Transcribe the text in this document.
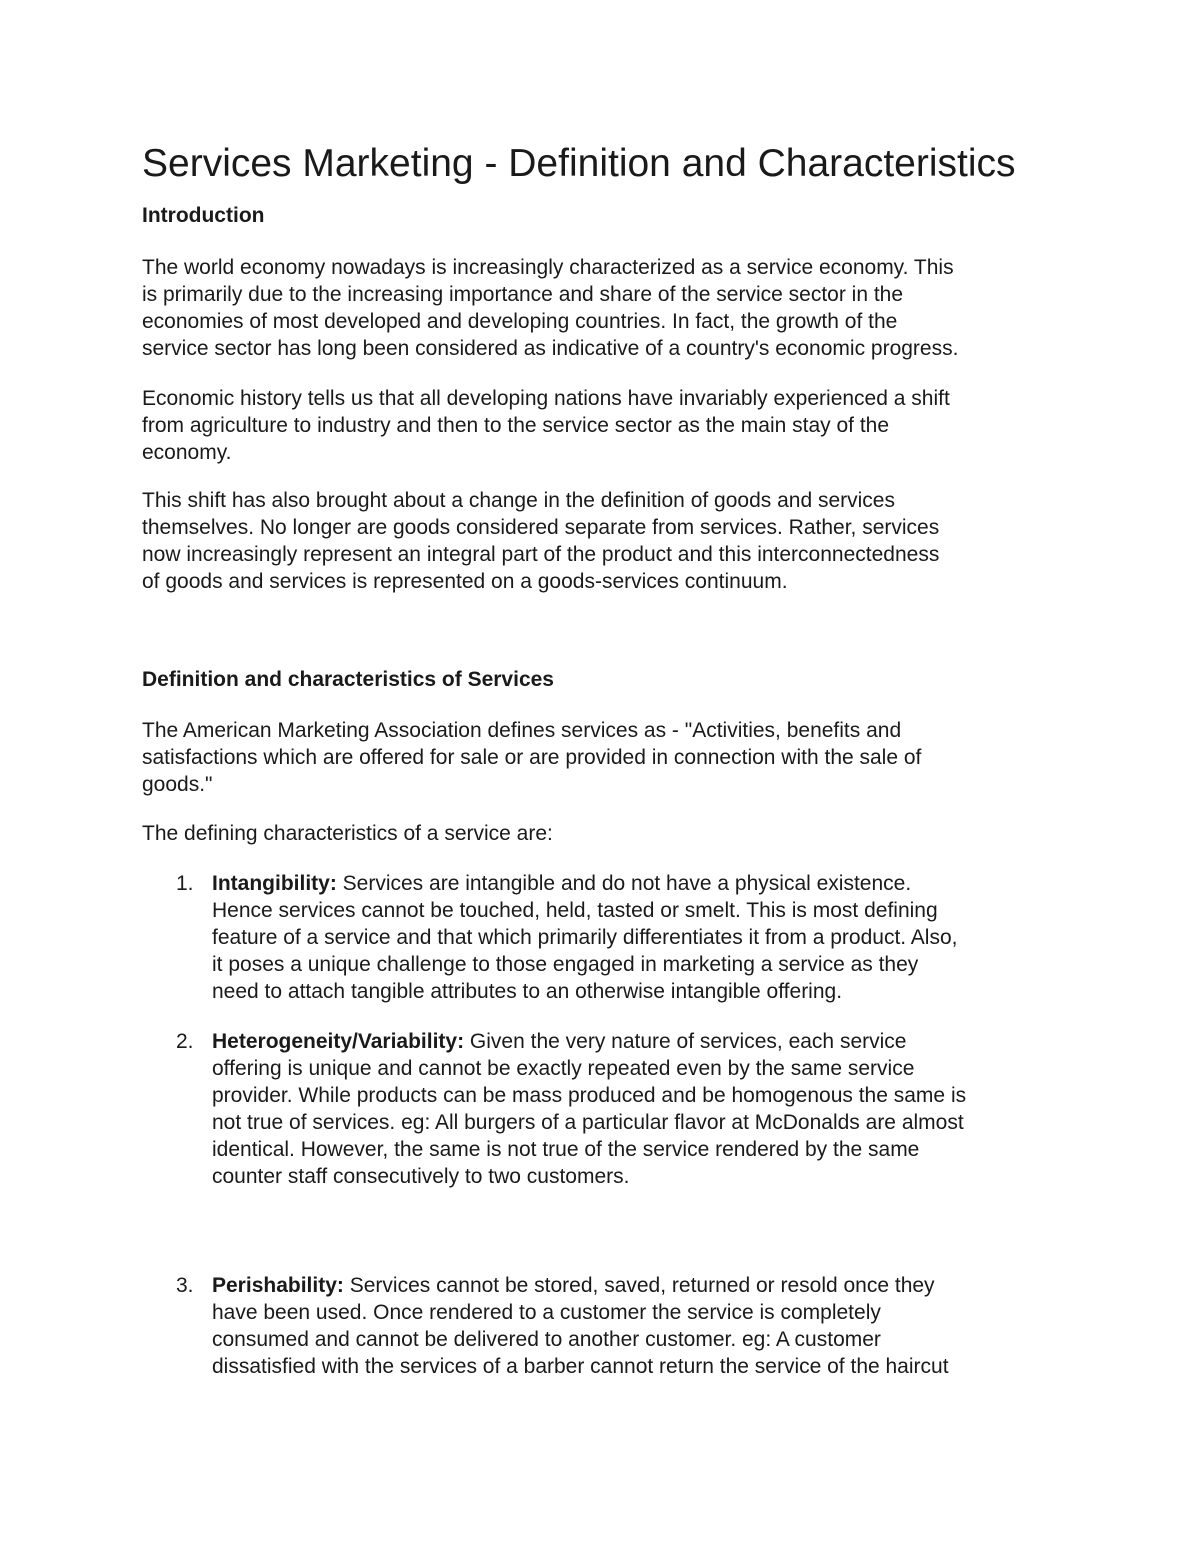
Services Marketing - Definition and Characteristics
Introduction

The world economy nowadays is increasingly characterized as a service economy. This
is primarily due to the increasing importance and share of the service sector in the
economies of most developed and developing countries. In fact, the growth of the
service sector has long been considered as indicative of a country's economic progress.

Economic history tells us that all developing nations have invariably experienced a shift
from agriculture to industry and then to the service sector as the main stay of the
economy.

This shift has also brought about a change in the definition of goods and services
themselves. No longer are goods considered separate from services. Rather, services
now increasingly represent an integral part of the product and this interconnectedness
of goods and services is represented on a goods-services continuum.

Definition and characteristics of Services

The American Marketing Association defines services as - "Activities, benefits and
satisfactions which are offered for sale or are provided in connection with the sale of
goods."

The defining characteristics of a service are:

1. Intangibility: Services are intangible and do not have a physical existence.
Hence services cannot be touched, held, tasted or smelt. This is most defining
feature of a service and that which primarily differentiates it from a product. Also,
it poses a unique challenge to those engaged in marketing a service as they
need to attach tangible attributes to an otherwise intangible offering.
2. Heterogeneity/Variability: Given the very nature of services, each service
offering is unique and cannot be exactly repeated even by the same service
provider. While products can be mass produced and be homogenous the same is
not true of services. eg: All burgers of a particular flavor at McDonalds are almost
identical. However, the same is not true of the service rendered by the same
counter staff consecutively to two customers.
3. Perishability: Services cannot be stored, saved, returned or resold once they
have been used. Once rendered to a customer the service is completely
consumed and cannot be delivered to another customer. eg: A customer
dissatisfied with the services of a barber cannot return the service of the haircut
